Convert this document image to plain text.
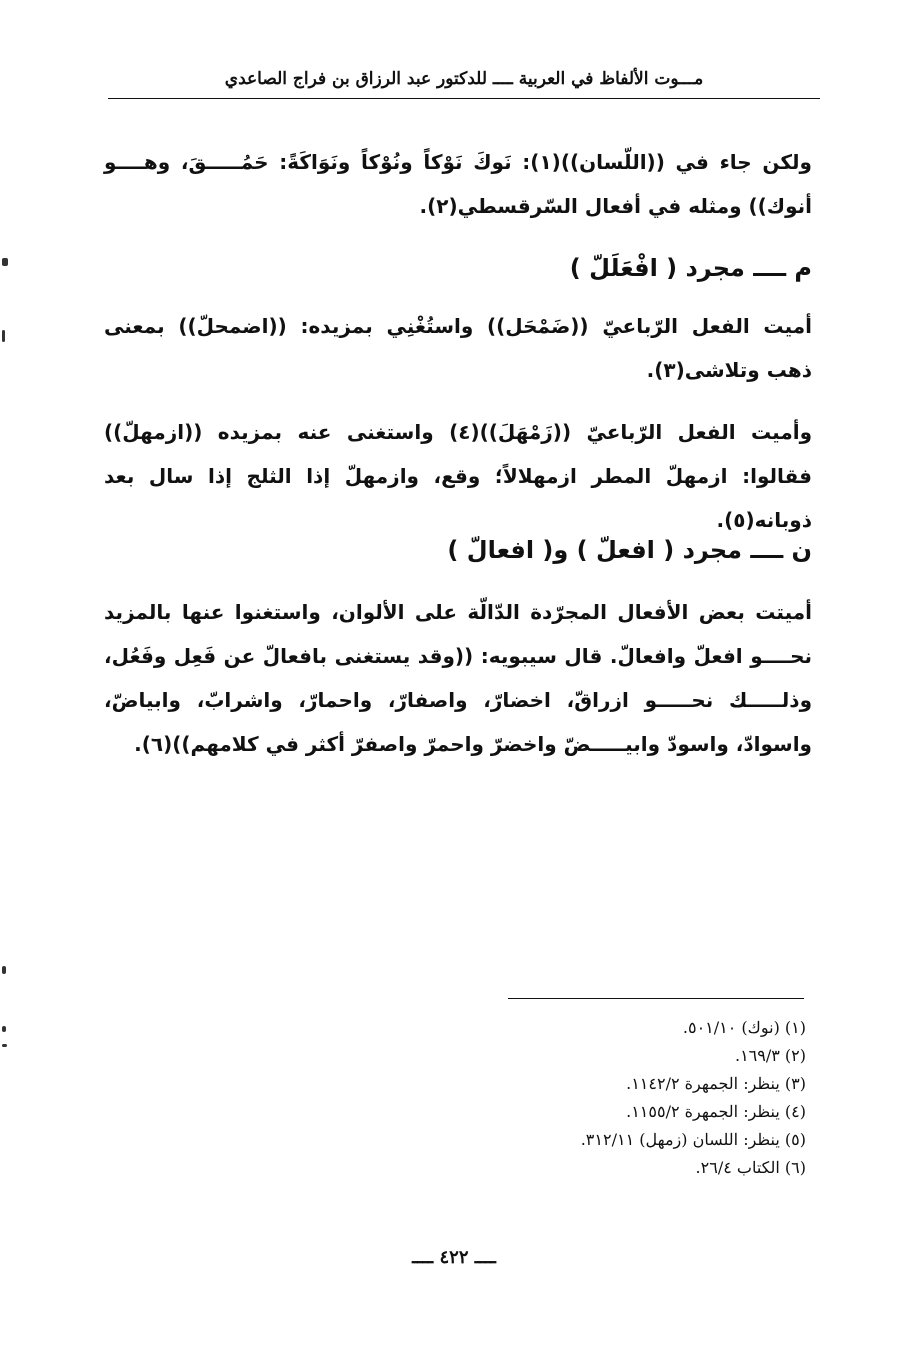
مـــوت الألفاظ في العربية ــــ للدكتور عبد الرزاق بن فراج الصاعدي
ولكن جاء في ((اللّسان))(١): نَوكَ نَوْكاً ونُوْكاً ونَوَاكَةً: حَمُـــــقَ، وهــــو أنوك)) ومثله في أفعال السّرقسطي(٢).
م ــــ مجرد ( افْعَلَلّ )
أميت الفعل الرّباعيّ ((ضَمْحَل)) واستُغْنِي بمزيده: ((اضمحلّ)) بمعنى ذهب وتلاشى(٣).
وأميت الفعل الرّباعيّ ((زَمْهَلَ))(٤) واستغنى عنه بمزيده ((ازمهلّ)) فقالوا: ازمهلّ المطر ازمهلالاً؛ وقع، وازمهلّ إذا الثلج إذا سال بعد ذوبانه(٥).
ن ــــ مجرد ( افعلّ ) و( افعالّ )
أميتت بعض الأفعال المجرّدة الدّالّة على الألوان، واستغنوا عنها بالمزيد نحــــو افعلّ وافعالّ. قال سيبويه: ((وقد يستغنى بافعالّ عن فَعِل وفَعُل، وذلـــــك نحـــــو ازراقّ، اخضارّ، واصفارّ، واحمارّ، واشرابّ، وابياضّ، واسوادّ، واسودّ وابيـــــضّ واخضرّ واحمرّ واصفرّ أكثر في كلامهم))(٦).
(١) (نوك) ٥٠١/١٠.
(٢) ١٦٩/٣.
(٣) ينظر: الجمهرة ١١٤٢/٢.
(٤) ينظر: الجمهرة ١١٥٥/٢.
(٥) ينظر: اللسان (زمهل) ٣١٢/١١.
(٦) الكتاب ٢٦/٤.
ــــ ٤٢٢ ــــ
